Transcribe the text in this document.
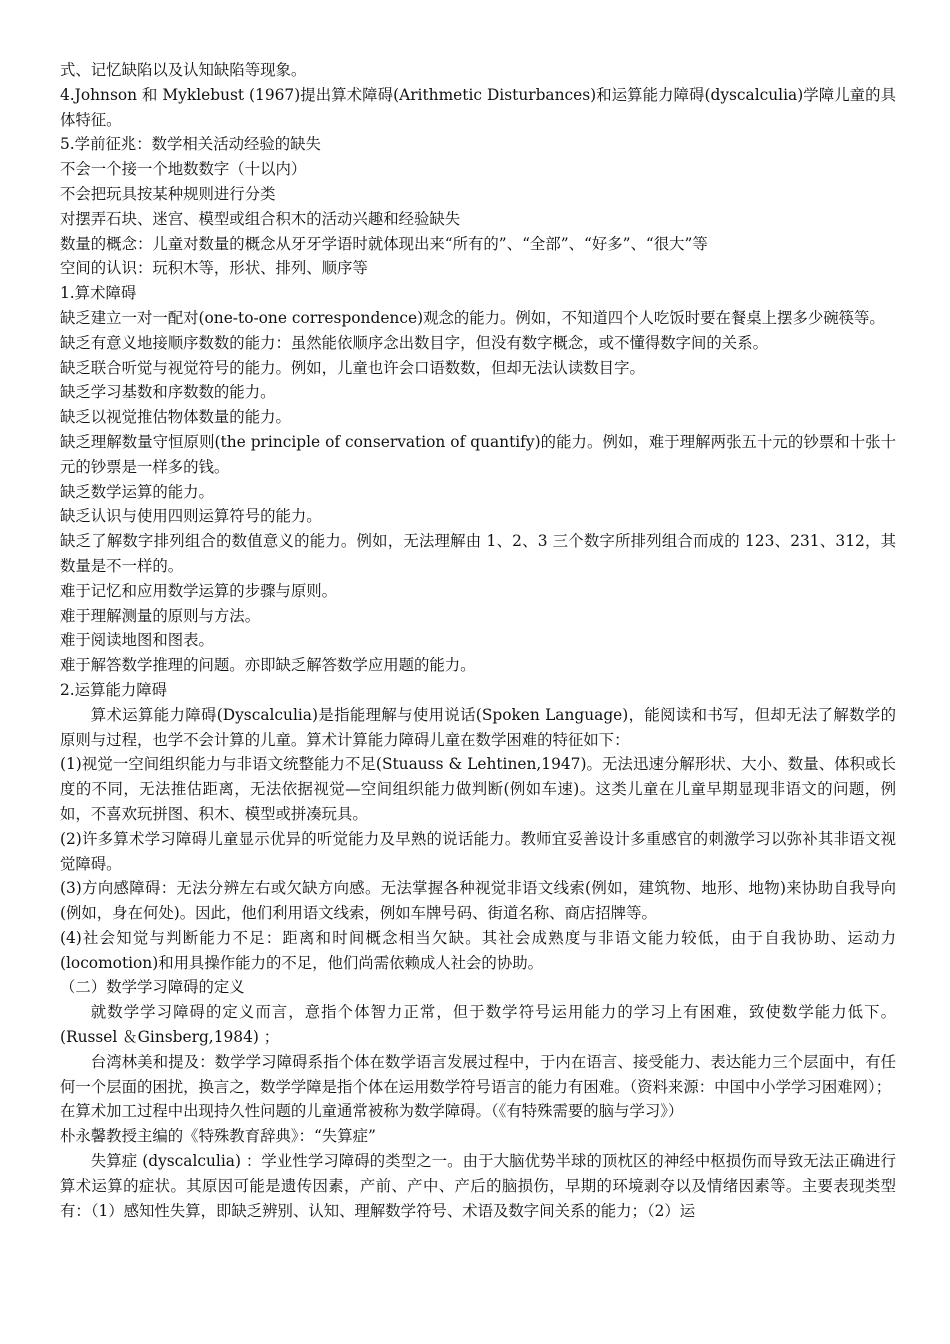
式、记忆缺陷以及认知缺陷等现象。

4.Johnson 和 Myklebust (1967)提出算术障碍(Arithmetic Disturbances)和运算能力障碍(dyscalculia)学障儿童的具体特征。

5.学前征兆：数学相关活动经验的缺失

不会一个接一个地数数字（十以内）

不会把玩具按某种规则进行分类

对摆弄石块、迷宫、模型或组合积木的活动兴趣和经验缺失

数量的概念：儿童对数量的概念从牙牙学语时就体现出来“所有的”、“全部”、“好多”、“很大”等

空间的认识：玩积木等，形状、排列、顺序等

1.算术障碍

缺乏建立一对一配对(one-to-one correspondence)观念的能力。例如，不知道四个人吃饭时要在餐桌上摆多少碗筷等。

缺乏有意义地接顺序数数的能力：虽然能依顺序念出数目字，但没有数字概念，或不懂得数字间的关系。

缺乏联合听觉与视觉符号的能力。例如，儿童也许会口语数数，但却无法认读数目字。

缺乏学习基数和序数数的能力。

缺乏以视觉推估物体数量的能力。

缺乏理解数量守恒原则(the principle of conservation of quantify)的能力。例如，难于理解两张五十元的钞票和十张十元的钞票是一样多的钱。

缺乏数学运算的能力。

缺乏认识与使用四则运算符号的能力。

缺乏了解数字排列组合的数值意义的能力。例如，无法理解由 1、2、3 三个数字所排列组合而成的 123、231、312，其数量是不一样的。

难于记忆和应用数学运算的步骤与原则。

难于理解测量的原则与方法。

难于阅读地图和图表。

难于解答数学推理的问题。亦即缺乏解答数学应用题的能力。

2.运算能力障碍

算术运算能力障碍(Dyscalculia)是指能理解与使用说话(Spoken Language)，能阅读和书写，但却无法了解数学的原则与过程，也学不会计算的儿童。算术计算能力障碍儿童在数学困难的特征如下：

(1)视觉一空间组织能力与非语文统整能力不足(Stuauss & Lehtinen,1947)。无法迅速分解形状、大小、数量、体积或长度的不同，无法推估距离，无法依据视觉—空间组织能力做判断(例如车速)。这类儿童在儿童早期显现非语文的问题，例如，不喜欢玩拼图、积木、模型或拼凑玩具。

(2)许多算术学习障碍儿童显示优异的听觉能力及早熟的说话能力。教师宜妥善设计多重感官的刺激学习以弥补其非语文视觉障碍。

(3)方向感障碍：无法分辨左右或欠缺方向感。无法掌握各种视觉非语文线索(例如，建筑物、地形、地物)来协助自我导向(例如，身在何处)。因此，他们利用语文线索，例如车牌号码、街道名称、商店招牌等。

(4)社会知觉与判断能力不足：距离和时间概念相当欠缺。其社会成熟度与非语文能力较低，由于自我协助、运动力(locomotion)和用具操作能力的不足，他们尚需依赖成人社会的协助。

（二）数学学习障碍的定义

就数学学习障碍的定义而言，意指个体智力正常，但于数学符号运用能力的学习上有困难，致使数学能力低下。(Russel ＆Ginsberg,1984) ；

台湾林美和提及：数学学习障碍系指个体在数学语言发展过程中，于内在语言、接受能力、表达能力三个层面中，有任何一个层面的困扰，换言之，数学学障是指个体在运用数学符号语言的能力有困难。（资料来源：中国中小学学习困难网）；

在算术加工过程中出现持久性问题的儿童通常被称为数学障碍。（《有特殊需要的脑与学习》）

朴永馨教授主编的《特殊教育辞典》：“失算症”

失算症 (dyscalculia) ：学业性学习障碍的类型之一。由于大脑优势半球的顶枕区的神经中枢损伤而导致无法正确进行算术运算的症状。其原因可能是遗传因素，产前、产中、产后的脑损伤，早期的环境剥夺以及情绪因素等。主要表现类型有：（1）感知性失算，即缺乏辨别、认知、理解数学符号、术语及数字间关系的能力；（2）运
